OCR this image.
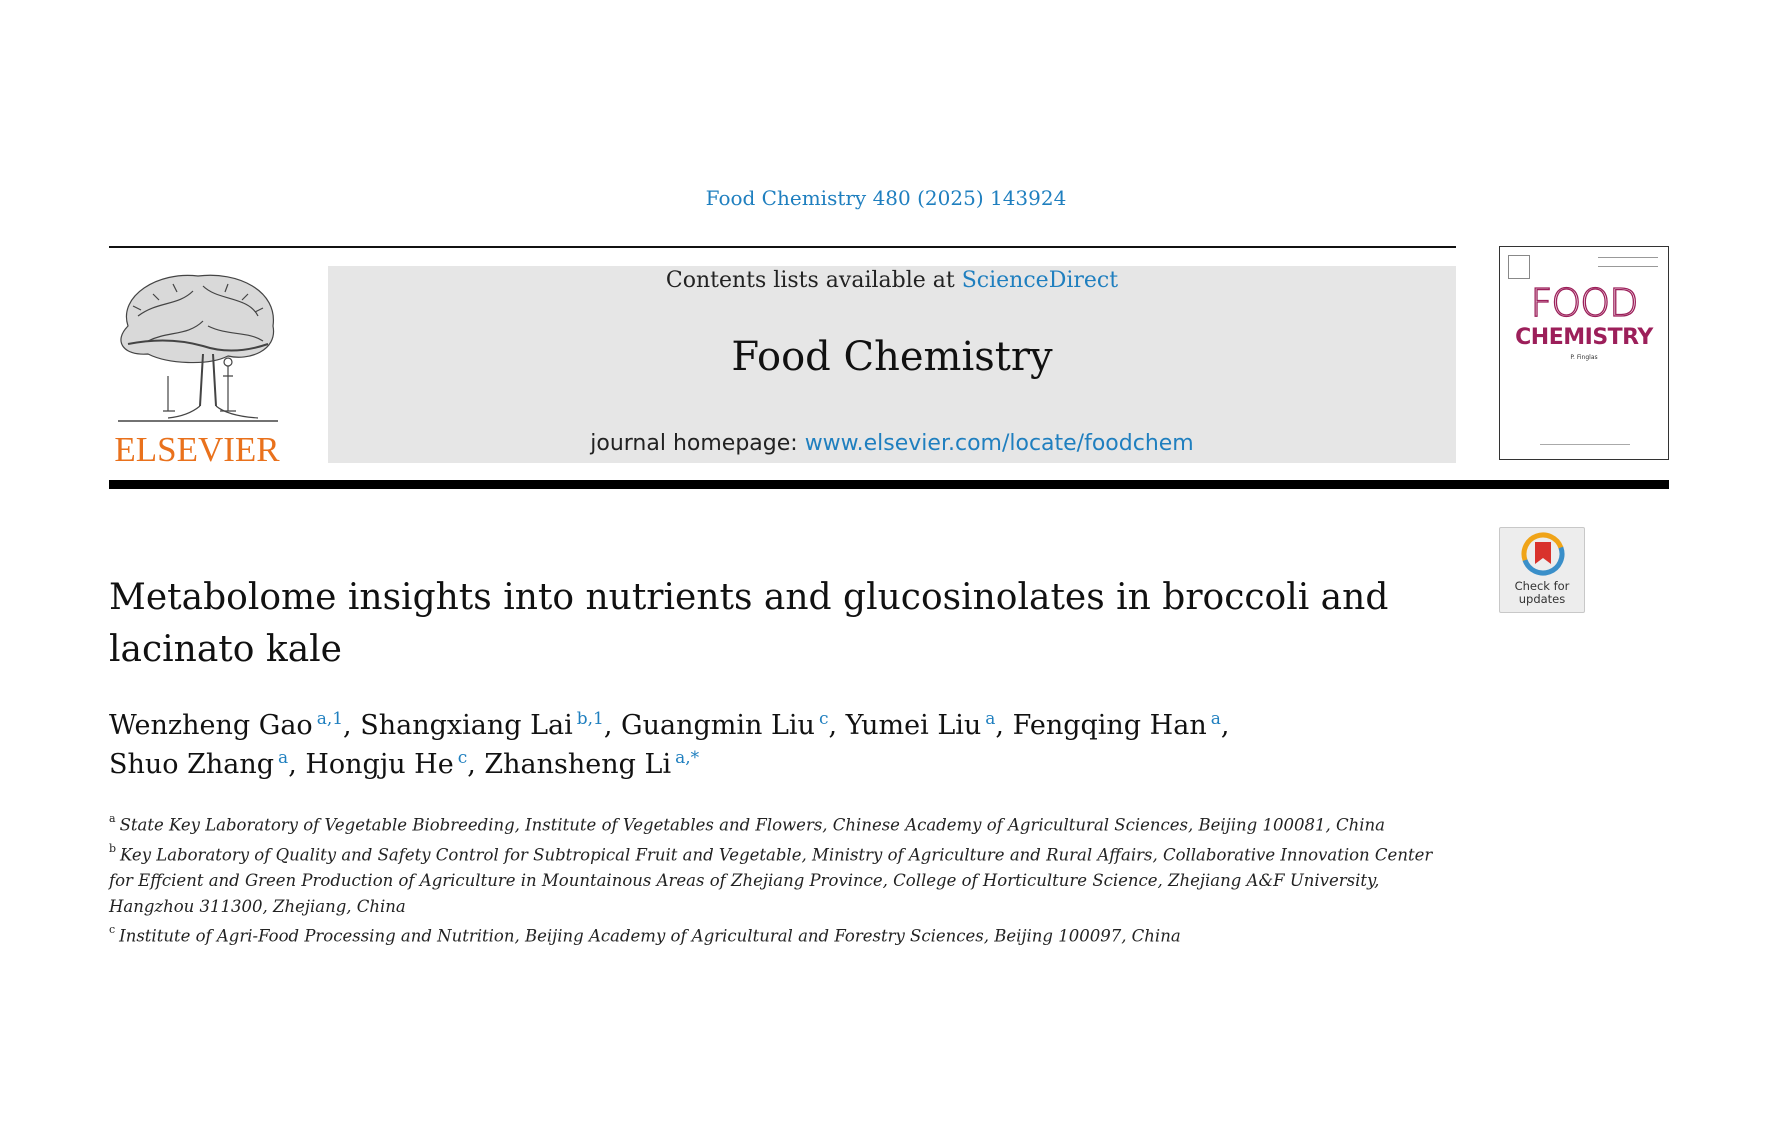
Food Chemistry 480 (2025) 143924
ELSEVIER
Contents lists available at ScienceDirect
Food Chemistry
journal homepage: www.elsevier.com/locate/foodchem
FOOD
CHEMISTRY
P. Finglas
Check for
updates
Metabolome insights into nutrients and glucosinolates in broccoli and lacinato kale
Wenzheng Gao $^{a,1}$, Shangxiang Lai $^{b,1}$, Guangmin Liu $^c$, Yumei Liu $^a$, Fengqing Han $^a$,
Shuo Zhang $^a$, Hongju He $^c$, Zhansheng Li $^{a,*}$
$^a$ State Key Laboratory of Vegetable Biobreeding, Institute of Vegetables and Flowers, Chinese Academy of Agricultural Sciences, Beijing 100081, China
$^b$ Key Laboratory of Quality and Safety Control for Subtropical Fruit and Vegetable, Ministry of Agriculture and Rural Affairs, Collaborative Innovation Center for Effcient and Green Production of Agriculture in Mountainous Areas of Zhejiang Province, College of Horticulture Science, Zhejiang A&F University, Hangzhou 311300, Zhejiang, China
$^c$ Institute of Agri-Food Processing and Nutrition, Beijing Academy of Agricultural and Forestry Sciences, Beijing 100097, China
